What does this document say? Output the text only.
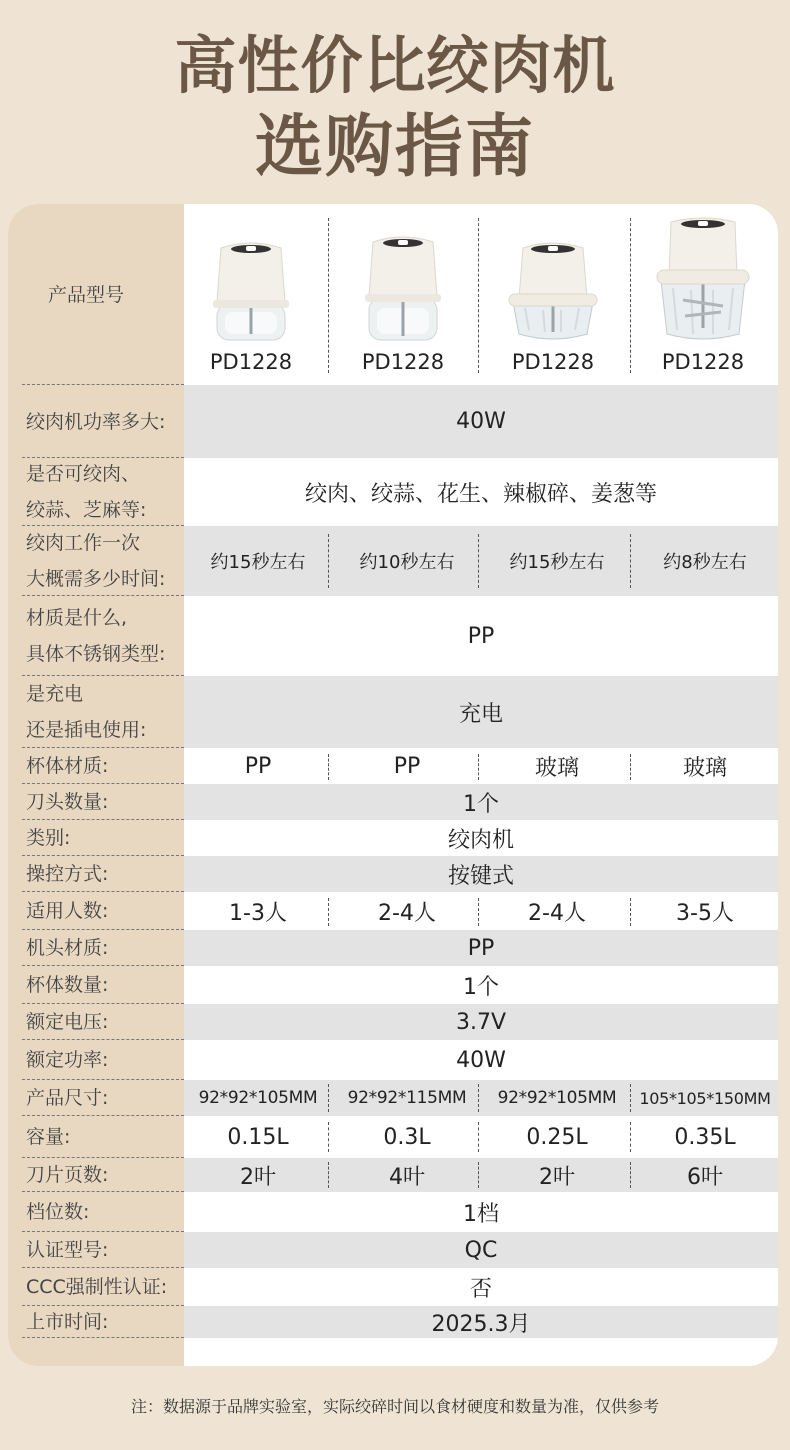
高性价比绞肉机
选购指南
产品型号
PD1228	PD1228	PD1228	PD1228
绞肉机功率多大:	40W
是否可绞肉、
绞蒜、芝麻等:
绞肉、绞蒜、花生、辣椒碎、姜葱等
绞肉工作一次
大概需多少时间:
约15秒左右	约10秒左右	约15秒左右	约8秒左右
材质是什么,
具体不锈钢类型:
PP
是充电
还是插电使用:
充电
杯体材质:	PP	PP	玻璃	玻璃
刀头数量:	1个
类别:	绞肉机
操控方式:	按键式
适用人数:	1-3人	2-4人	2-4人	3-5人
机头材质:	PP
杯体数量:	1个
额定电压:	3.7V
额定功率:	40W
产品尺寸:	92*92*105MM	92*92*115MM	92*92*105MM	105*105*150MM
容量:	0.15L	0.3L	0.25L	0.35L
刀片页数:	2叶	4叶	2叶	6叶
档位数:	1档
认证型号:	QC
CCC强制性认证:	否
上市时间:	2025.3月
注：数据源于品牌实验室，实际绞碎时间以食材硬度和数量为准，仅供参考
